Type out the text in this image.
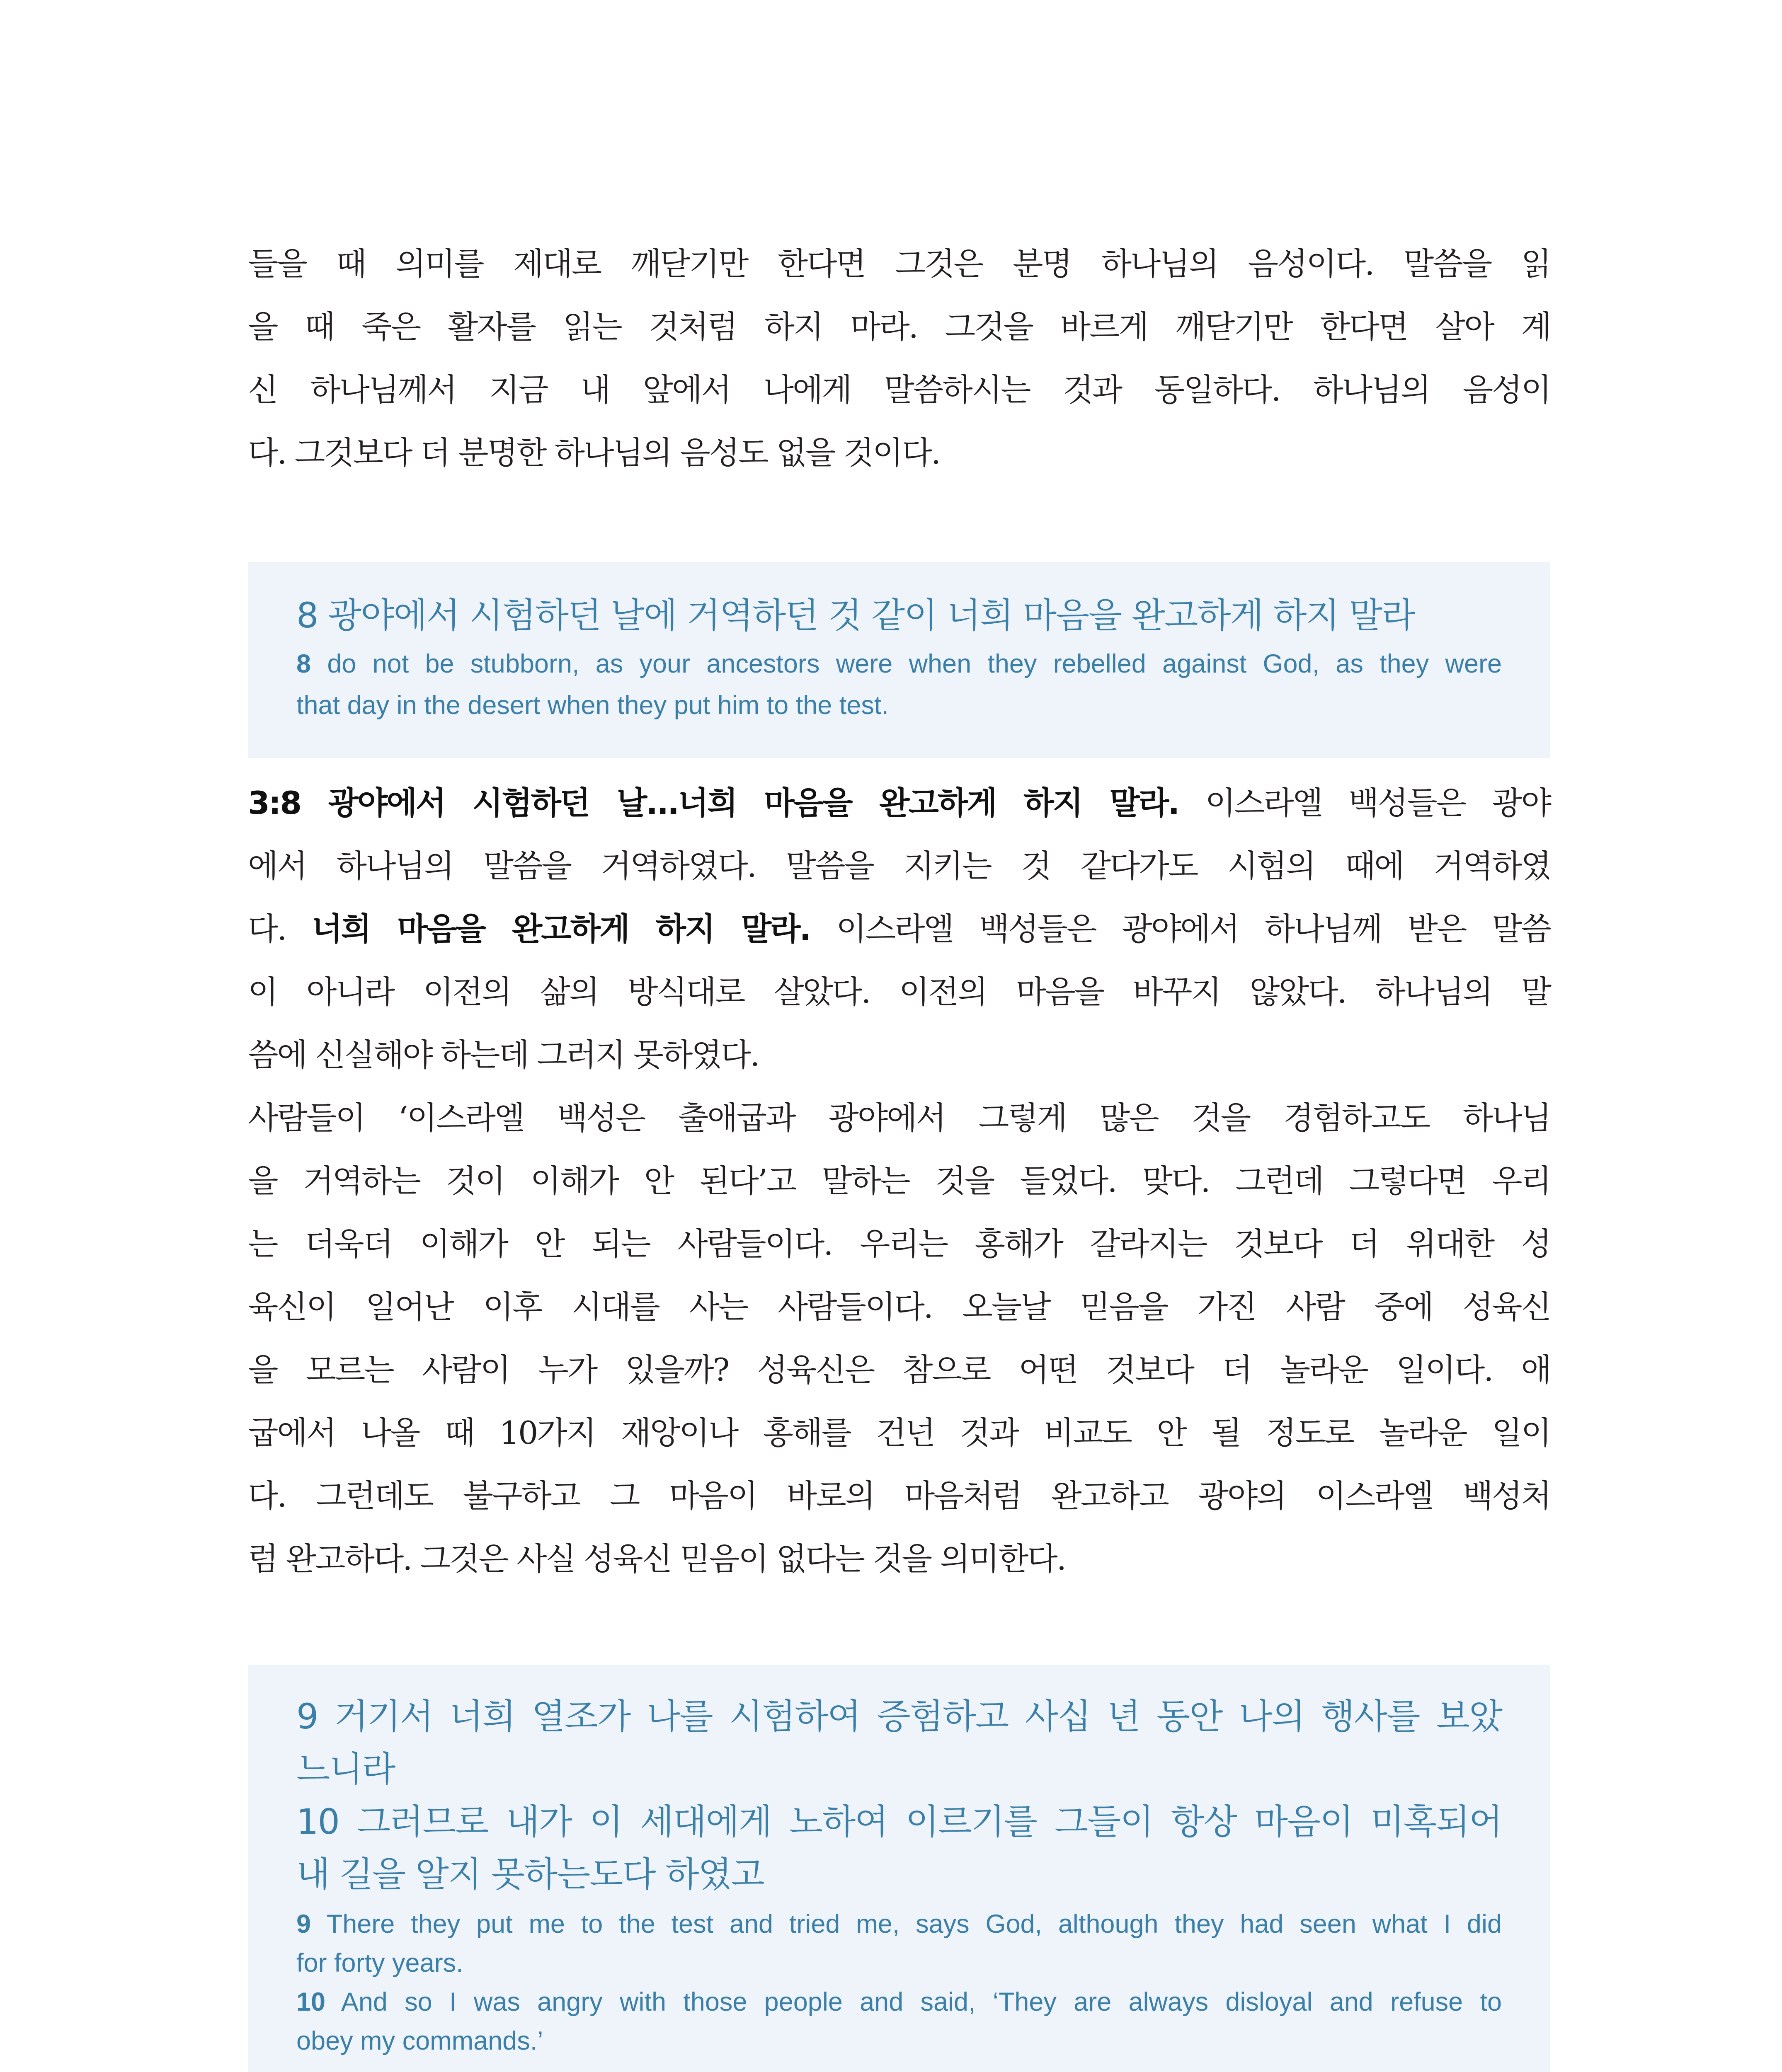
들을 때 의미를 제대로 깨닫기만 한다면 그것은 분명 하나님의 음성이다. 말씀을 읽
을 때 죽은 활자를 읽는 것처럼 하지 마라. 그것을 바르게 깨닫기만 한다면 살아 계
신 하나님께서 지금 내 앞에서 나에게 말씀하시는 것과 동일하다. 하나님의 음성이
다. 그것보다 더 분명한 하나님의 음성도 없을 것이다.
8 광야에서 시험하던 날에 거역하던 것 같이 너희 마음을 완고하게 하지 말라
8 do not be stubborn, as your ancestors were when they rebelled against God, as they were
that day in the desert when they put him to the test.
3:8 광야에서 시험하던 날...너희 마음을 완고하게 하지 말라. 이스라엘 백성들은 광야
에서 하나님의 말씀을 거역하였다. 말씀을 지키는 것 같다가도 시험의 때에 거역하였
다. 너희 마음을 완고하게 하지 말라. 이스라엘 백성들은 광야에서 하나님께 받은 말씀
이 아니라 이전의 삶의 방식대로 살았다. 이전의 마음을 바꾸지 않았다. 하나님의 말
씀에 신실해야 하는데 그러지 못하였다.
사람들이 ‘이스라엘 백성은 출애굽과 광야에서 그렇게 많은 것을 경험하고도 하나님
을 거역하는 것이 이해가 안 된다’고 말하는 것을 들었다. 맞다. 그런데 그렇다면 우리
는 더욱더 이해가 안 되는 사람들이다. 우리는 홍해가 갈라지는 것보다 더 위대한 성
육신이 일어난 이후 시대를 사는 사람들이다. 오늘날 믿음을 가진 사람 중에 성육신
을 모르는 사람이 누가 있을까? 성육신은 참으로 어떤 것보다 더 놀라운 일이다. 애
굽에서 나올 때 10가지 재앙이나 홍해를 건넌 것과 비교도 안 될 정도로 놀라운 일이
다. 그런데도 불구하고 그 마음이 바로의 마음처럼 완고하고 광야의 이스라엘 백성처
럼 완고하다. 그것은 사실 성육신 믿음이 없다는 것을 의미한다.
9 거기서 너희 열조가 나를 시험하여 증험하고 사십 년 동안 나의 행사를 보았
느니라
10 그러므로 내가 이 세대에게 노하여 이르기를 그들이 항상 마음이 미혹되어
내 길을 알지 못하는도다 하였고
9 There they put me to the test and tried me, says God, although they had seen what I did
for forty years.
10 And so I was angry with those people and said, ‘They are always disloyal and refuse to
obey my commands.’
